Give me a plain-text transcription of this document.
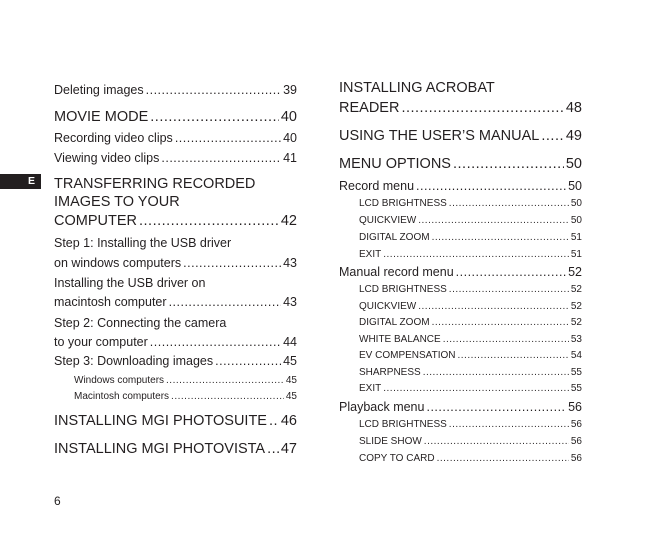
E
Deleting images .....	39
MOVIE MODE .....	40
Recording video clips .....	40
Viewing video clips .....	41
TRANSFERRING RECORDED
IMAGES TO YOUR
COMPUTER .....	42
Step 1: Installing the USB driver
on windows computers .....	43
Installing the USB driver on
macintosh computer .....	43
Step 2: Connecting the camera
to your computer .....	44
Step 3: Downloading images .....	45
Windows computers .....	45
Macintosh computers .....	45
INSTALLING MGI PHOTOSUITE ..... 46
INSTALLING MGI PHOTOVISTA ..... 47
INSTALLING ACROBAT
READER .....	48
USING THE USER’S MANUAL ..... 49
MENU OPTIONS .....	50
Record menu .....	50
LCD BRIGHTNESS .....	50
QUICKVIEW .....	50
DIGITAL ZOOM .....	51
EXIT .....	51
Manual record menu .....	52
LCD BRIGHTNESS .....	52
QUICKVIEW .....	52
DIGITAL ZOOM .....	52
WHITE BALANCE .....	53
EV COMPENSATION .....	54
SHARPNESS .....	55
EXIT .....	55
Playback menu .....	56
LCD BRIGHTNESS .....	56
SLIDE SHOW .....	56
COPY TO CARD .....	56
6
